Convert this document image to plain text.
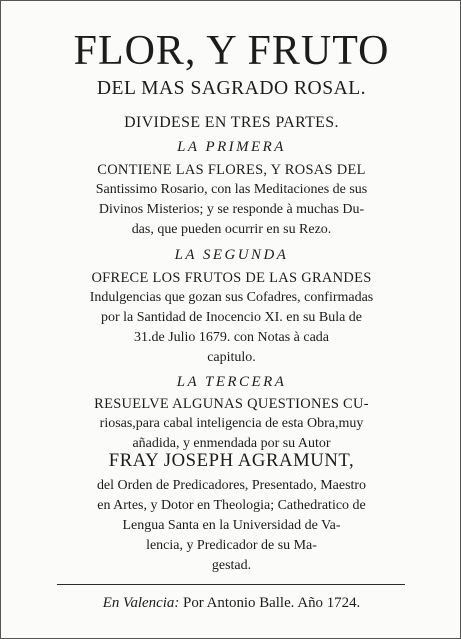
FLOR, Y FRUTO
DEL MAS SAGRADO ROSAL.
DIVIDESE EN TRES PARTES.
LA PRIMERA
CONTIENE LAS FLORES, Y ROSAS DEL
Santissimo Rosario, con las Meditaciones de sus
Divinos Misterios; y se responde à muchas Du-
das, que pueden ocurrir en su Rezo.
LA SEGUNDA
OFRECE LOS FRUTOS DE LAS GRANDES
Indulgencias que gozan sus Cofadres, confirmadas
por la Santidad de Inocencio XI. en su Bula de
31.de Julio 1679. con Notas à cada
capitulo.
LA TERCERA
RESUELVE ALGUNAS QUESTIONES CU-
riosas,para cabal inteligencia de esta Obra,muy
añadida, y enmendada por su Autor
FRAY JOSEPH AGRAMUNT,
del Orden de Predicadores, Presentado, Maestro
en Artes, y Dotor en Theologia; Cathedratico de
Lengua Santa en la Universidad de Va-
lencia, y Predicador de su Ma-
gestad.
En Valencia: Por Antonio Balle. Año 1724.
